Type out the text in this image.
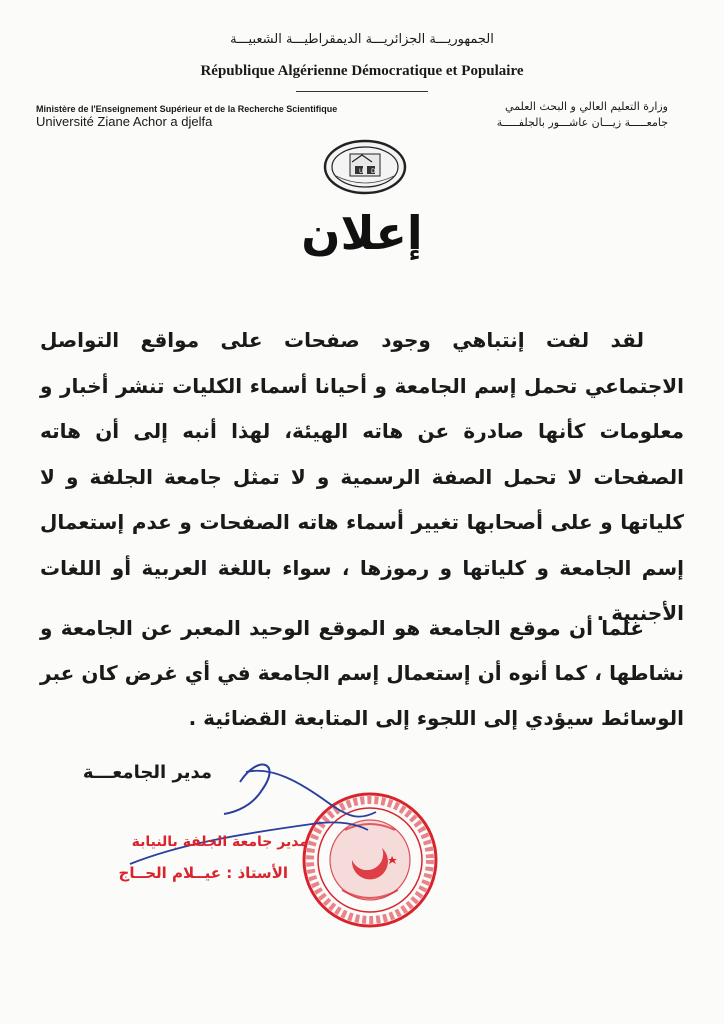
الجمهوريـــة الجزائريـــة الديمقراطيـــة الشعبيـــة
République Algérienne Démocratique et Populaire
Ministère de l'Enseignement Supérieur et de la Recherche Scientifique
Université Ziane Achor a djelfa
وزارة التعليم العالي و البحث العلمي
جامعـــــة زيـــان عاشـــور بالجلفـــــة
U D
إعلان

لقد لفت إنتباهي وجود صفحات على مواقع التواصل الاجتماعي تحمل إسم الجامعة و أحيانا أسماء الكليات تنشر أخبار و معلومات كأنها صادرة عن هاته الهيئة، لهذا أنبه إلى أن هاته الصفحات لا تحمل الصفة الرسمية و لا تمثل جامعة الجلفة و لا كلياتها و على أصحابها تغيير أسماء هاته الصفحات و عدم إستعمال إسم الجامعة و كلياتها و رموزها ، سواء باللغة العربية أو اللغات الأجنبية .

علما أن موقع الجامعة هو الموقع الوحيد المعبر عن الجامعة و نشاطها ، كما أنوه أن إستعمال إسم الجامعة في أي غرض كان عبر الوسائط سيؤدي إلى اللجوء إلى المتابعة القضائية .

مدير الجامعـــة
مدير جامعة الجلفة بالنيابة
الأستاذ : عيــلام الحــاج
